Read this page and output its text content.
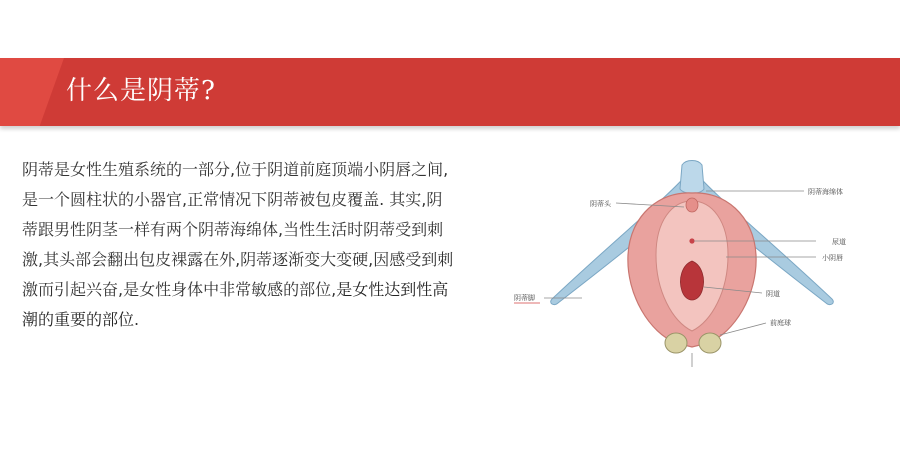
什么是阴蒂?

阴蒂是女性生殖系统的一部分,位于阴道前庭顶端小阴唇之间,是一个圆柱状的小器官,正常情况下阴蒂被包皮覆盖. 其实,阴蒂跟男性阴茎一样有两个阴蒂海绵体,当性生活时阴蒂受到刺激,其头部会翻出包皮裸露在外,阴蒂逐渐变大变硬,因感受到刺激而引起兴奋,是女性身体中非常敏感的部位,是女性达到性高潮的重要的部位.

阴蒂头
阴蒂海绵体
尿道
小阴唇
阴道
前庭球
阴蒂脚
